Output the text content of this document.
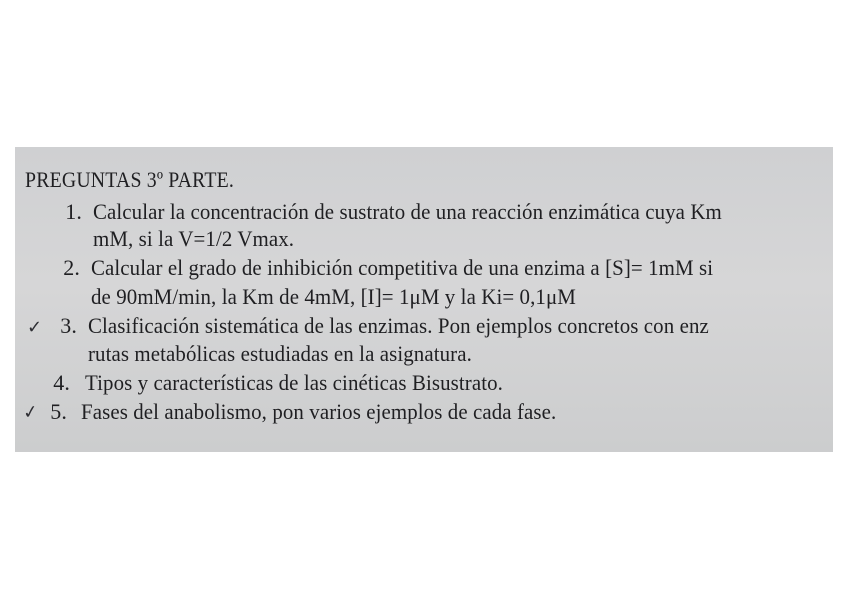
PREGUNTAS 3º PARTE.
1. Calcular la concentración de sustrato de una reacción enzimática cuya Km
mM, si la V=1/2 Vmax.
2. Calcular el grado de inhibición competitiva de una enzima a [S]= 1mM si
de 90mM/min, la Km de 4mM, [I]= 1μM y la Ki= 0,1μM
✓ 3. Clasificación sistemática de las enzimas. Pon ejemplos concretos con enz
rutas metabólicas estudiadas en la asignatura.
4. Tipos y características de las cinéticas Bisustrato.
✓ 5. Fases del anabolismo, pon varios ejemplos de cada fase.
